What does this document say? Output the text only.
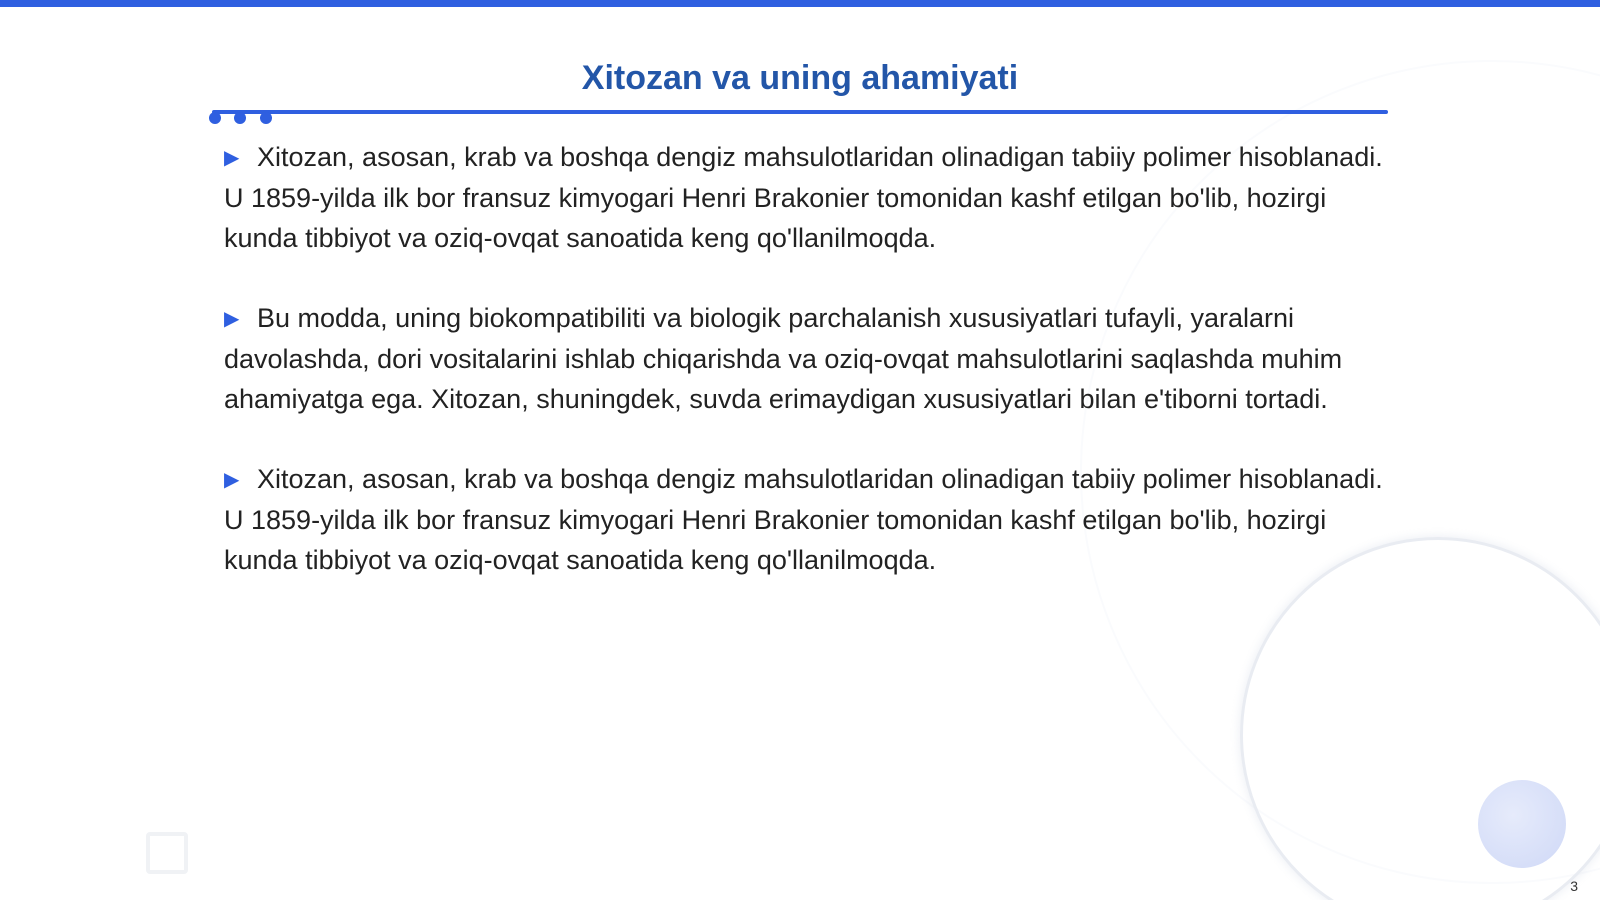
Xitozan va uning ahamiyati

▶ Xitozan, asosan, krab va boshqa dengiz mahsulotlaridan olinadigan tabiiy polimer hisoblanadi. U 1859-yilda ilk bor fransuz kimyogari Henri Brakonier tomonidan kashf etilgan bo'lib, hozirgi kunda tibbiyot va oziq-ovqat sanoatida keng qo'llanilmoqda.

▶ Bu modda, uning biokompatibiliti va biologik parchalanish xususiyatlari tufayli, yaralarni davolashda, dori vositalarini ishlab chiqarishda va oziq-ovqat mahsulotlarini saqlashda muhim ahamiyatga ega. Xitozan, shuningdek, suvda erimaydigan xususiyatlari bilan e'tiborni tortadi.

▶ Xitozan, asosan, krab va boshqa dengiz mahsulotlaridan olinadigan tabiiy polimer hisoblanadi. U 1859-yilda ilk bor fransuz kimyogari Henri Brakonier tomonidan kashf etilgan bo'lib, hozirgi kunda tibbiyot va oziq-ovqat sanoatida keng qo'llanilmoqda.

3
